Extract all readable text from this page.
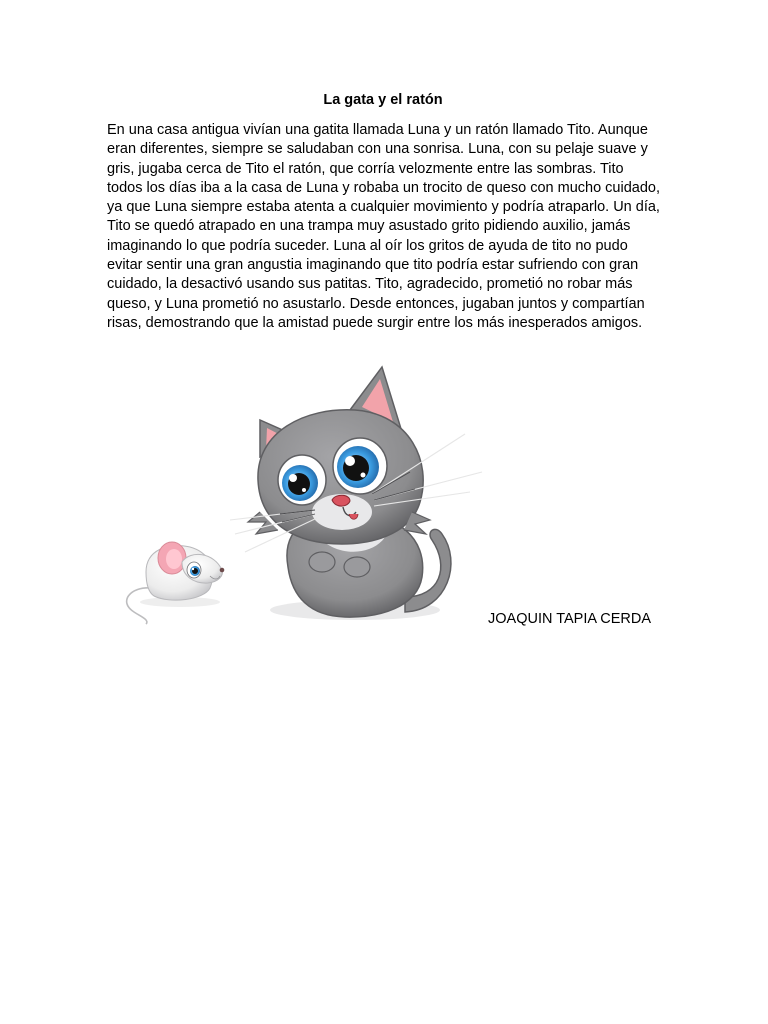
La gata y el ratón

En una casa antigua vivían una gatita llamada Luna y un ratón llamado Tito. Aunque eran diferentes, siempre se saludaban con una sonrisa. Luna, con su pelaje suave y gris, jugaba cerca de Tito el ratón, que corría velozmente entre las sombras. Tito todos los días iba a la casa de Luna y robaba un trocito de queso con mucho cuidado, ya que Luna siempre estaba atenta a cualquier movimiento y podría atraparlo. Un día, Tito se quedó atrapado en una trampa muy asustado grito pidiendo auxilio, jamás imaginando lo que podría suceder. Luna al oír los gritos de ayuda de tito no pudo evitar sentir una gran angustia imaginando que tito podría estar sufriendo con gran cuidado, la desactivó usando sus patitas. Tito, agradecido, prometió no robar más queso, y Luna prometió no asustarlo. Desde entonces, jugaban juntos y compartían risas, demostrando que la amistad puede surgir entre los más inesperados amigos.

JOAQUIN TAPIA CERDA
